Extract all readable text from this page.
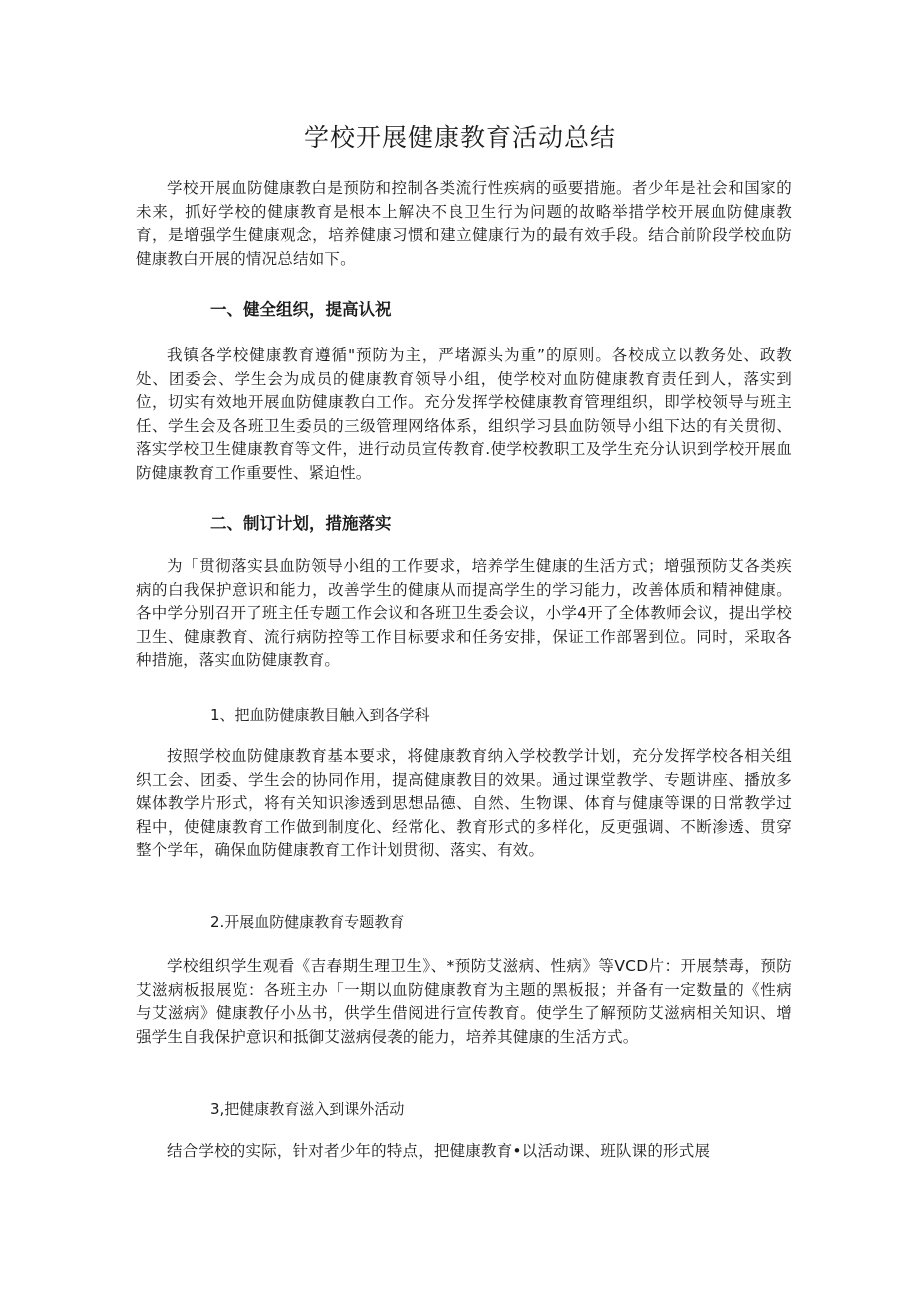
学校开展健康教育活动总结

学校开展血防健康教白是预防和控制各类流行性疾病的亟要措施。者少年是社会和国家的未来，抓好学校的健康教育是根本上解决不良卫生行为问题的故略举措学校开展血防健康教育，是增强学生健康观念，培养健康习惯和建立健康行为的最有效手段。结合前阶段学校血防健康教白开展的情况总结如下。

一、健全组织，提高认祝

我镇各学校健康教育遵循"预防为主，严堵源头为重”的原则。各校成立以教务处、政教处、团委会、学生会为成员的健康教育领导小组，使学校对血防健康教育责任到人，落实到位，切实有效地开展血防健康教白工作。充分发挥学校健康教育管理组织，即学校领导与班主任、学生会及各班卫生委员的三级管理网络体系，组织学习县血防领导小组下达的有关贯彻、落实学校卫生健康教育等文件，进行动员宣传教育.使学校教职工及学生充分认识到学校开展血防健康教育工作重要性、紧迫性。

二、制订计划，措施落实

为「贯彻落实县血防领导小组的工作要求，培养学生健康的生活方式；增强预防艾各类疾病的白我保护意识和能力，改善学生的健康从而提高学生的学习能力，改善体质和精神健康。各中学分别召开了班主任专题工作会议和各班卫生委会议，小学4开了全体教师会议，提出学校卫生、健康教育、流行病防控等工作目标要求和任务安排，保证工作部署到位。同时，采取各种措施，落实血防健康教育。

1、把血防健康教目触入到各学科

按照学校血防健康教育基本要求，将健康教育纳入学校教学计划，充分发挥学校各相关组织工会、团委、学生会的协同作用，提高健康教目的效果。通过课堂教学、专题讲座、播放多媒体教学片形式，将有关知识渗透到思想品德、自然、生物课、体育与健康等课的日常教学过程中，使健康教育工作做到制度化、经常化、教育形式的多样化，反更强调、不断渗透、贯穿整个学年，确保血防健康教育工作计划贯彻、落实、有效。

2.开展血防健康教育专题教育

学校组织学生观看《吉春期生理卫生》、*预防艾滋病、性病》等VCD片：开展禁毒，预防艾滋病板报展览：各班主办「一期以血防健康教育为主题的黑板报；并备有一定数量的《性病与艾滋病》健康教仔小丛书，供学生借阅进行宣传教育。使学生了解预防艾滋病相关知识、增强学生自我保护意识和抵御艾滋病侵袭的能力，培养其健康的生活方式。

3,把健康教育滋入到课外活动

结合学校的实际，针对者少年的特点，把健康教育•以活动课、班队课的形式展
